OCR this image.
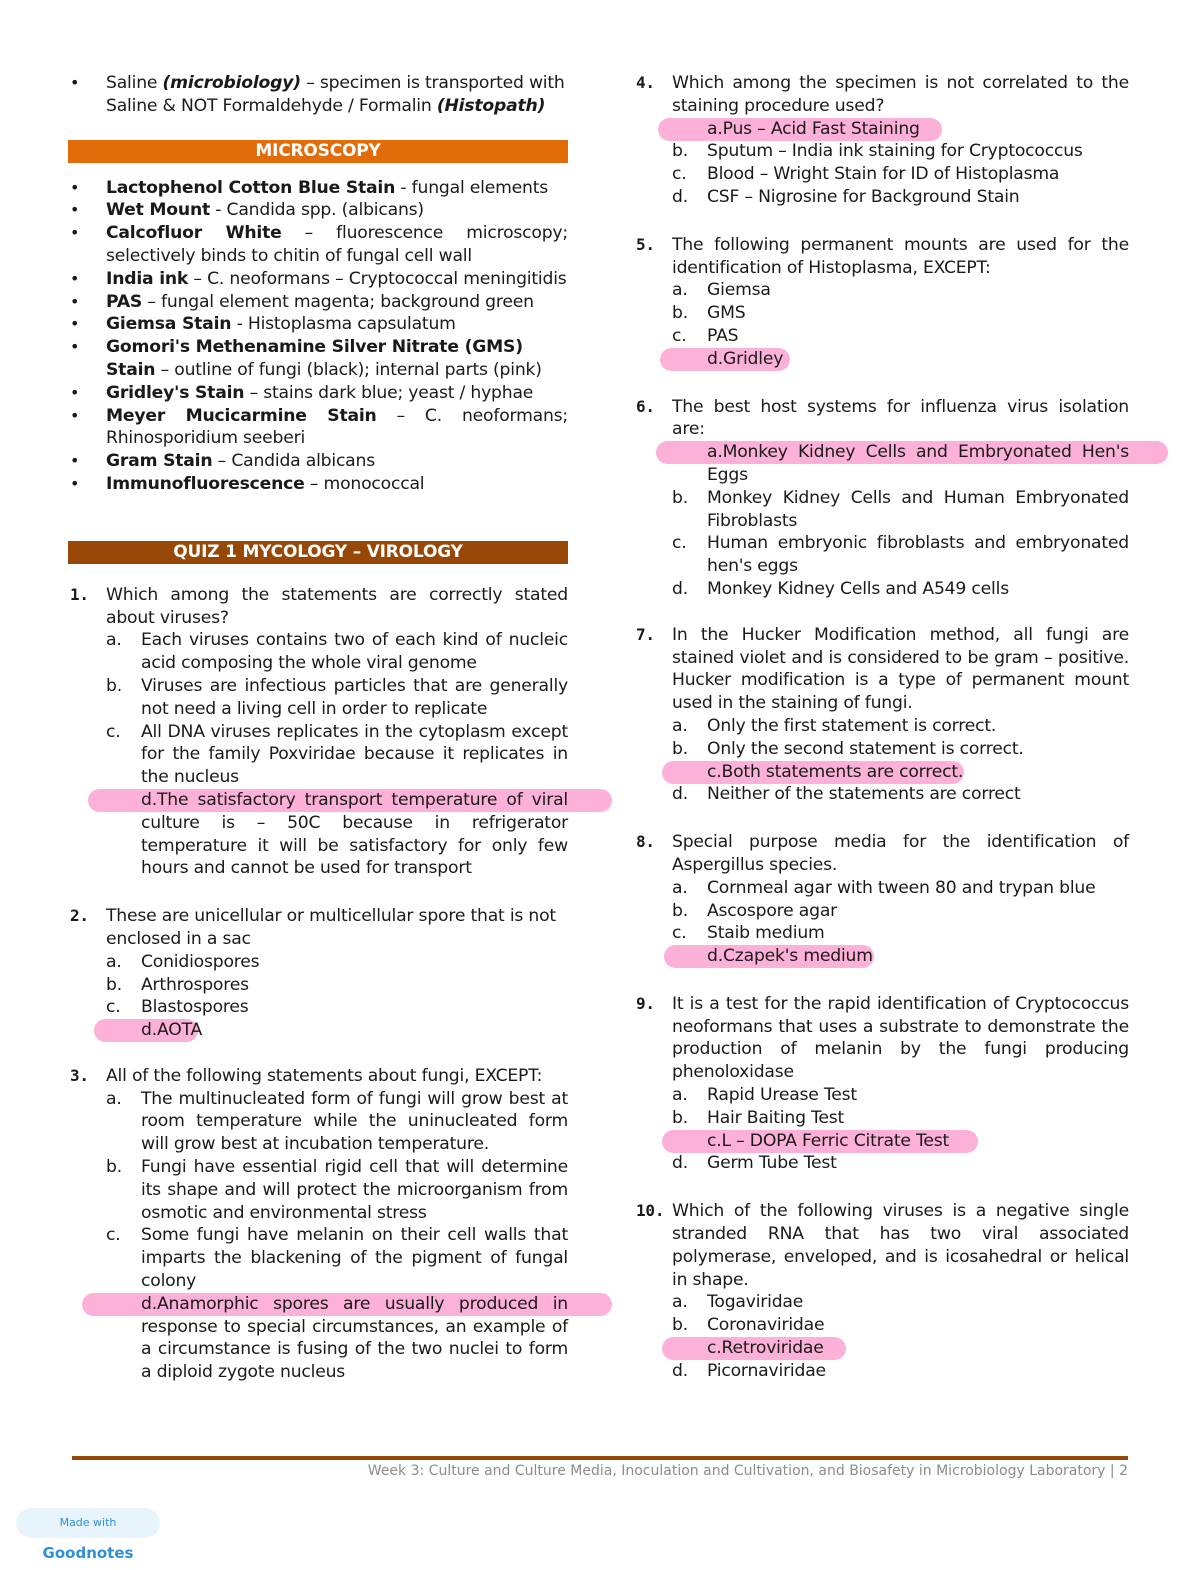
• Saline (microbiology) – specimen is transported with
Saline & NOT Formaldehyde / Formalin (Histopath)
MICROSCOPY
• Lactophenol Cotton Blue Stain - fungal elements
• Wet Mount - Candida spp. (albicans)
• Calcofluor White – fluorescence microscopy; selectively binds to chitin of fungal cell wall
• India ink – C. neoformans – Cryptococcal meningitidis
• PAS – fungal element magenta; background green
• Giemsa Stain - Histoplasma capsulatum
• Gomori's Methenamine Silver Nitrate (GMS) Stain – outline of fungi (black); internal parts (pink)
• Gridley's Stain – stains dark blue; yeast / hyphae
• Meyer Mucicarmine Stain – C. neoformans; Rhinosporidium seeberi
• Gram Stain – Candida albicans
• Immunofluorescence – monococcal
QUIZ 1 MYCOLOGY – VIROLOGY
1. Which among the statements are correctly stated about viruses?
a. Each viruses contains two of each kind of nucleic acid composing the whole viral genome
b. Viruses are infectious particles that are generally not need a living cell in order to replicate
c. All DNA viruses replicates in the cytoplasm except for the family Poxviridae because it replicates in the nucleus
d.The satisfactory transport temperature of viral culture is – 50C because in refrigerator temperature it will be satisfactory for only few hours and cannot be used for transport
2. These are unicellular or multicellular spore that is not enclosed in a sac
a. Conidiospores
b. Arthrospores
c. Blastospores
d.AOTA
3. All of the following statements about fungi, EXCEPT:
a. The multinucleated form of fungi will grow best at room temperature while the uninucleated form will grow best at incubation temperature.
b. Fungi have essential rigid cell that will determine its shape and will protect the microorganism from osmotic and environmental stress
c. Some fungi have melanin on their cell walls that imparts the blackening of the pigment of fungal colony
d.Anamorphic spores are usually produced in response to special circumstances, an example of a circumstance is fusing of the two nuclei to form a diploid zygote nucleus
4. Which among the specimen is not correlated to the staining procedure used?
a.Pus – Acid Fast Staining
b. Sputum – India ink staining for Cryptococcus
c. Blood – Wright Stain for ID of Histoplasma
d. CSF – Nigrosine for Background Stain
5. The following permanent mounts are used for the identification of Histoplasma, EXCEPT:
a. Giemsa
b. GMS
c. PAS
d.Gridley
6. The best host systems for influenza virus isolation are:
a.Monkey Kidney Cells and Embryonated Hen's Eggs
b. Monkey Kidney Cells and Human Embryonated Fibroblasts
c. Human embryonic fibroblasts and embryonated hen's eggs
d. Monkey Kidney Cells and A549 cells
7. In the Hucker Modification method, all fungi are stained violet and is considered to be gram – positive. Hucker modification is a type of permanent mount used in the staining of fungi.
a. Only the first statement is correct.
b. Only the second statement is correct.
c.Both statements are correct.
d. Neither of the statements are correct
8. Special purpose media for the identification of Aspergillus species.
a. Cornmeal agar with tween 80 and trypan blue
b. Ascospore agar
c. Staib medium
d.Czapek's medium
9. It is a test for the rapid identification of Cryptococcus neoformans that uses a substrate to demonstrate the production of melanin by the fungi producing phenoloxidase
a. Rapid Urease Test
b. Hair Baiting Test
c.L – DOPA Ferric Citrate Test
d. Germ Tube Test
10. Which of the following viruses is a negative single stranded RNA that has two viral associated polymerase, enveloped, and is icosahedral or helical in shape.
a. Togaviridae
b. Coronaviridae
c.Retroviridae
d. Picornaviridae
Week 3: Culture and Culture Media, Inoculation and Cultivation, and Biosafety in Microbiology Laboratory | 2
Made with Goodnotes
